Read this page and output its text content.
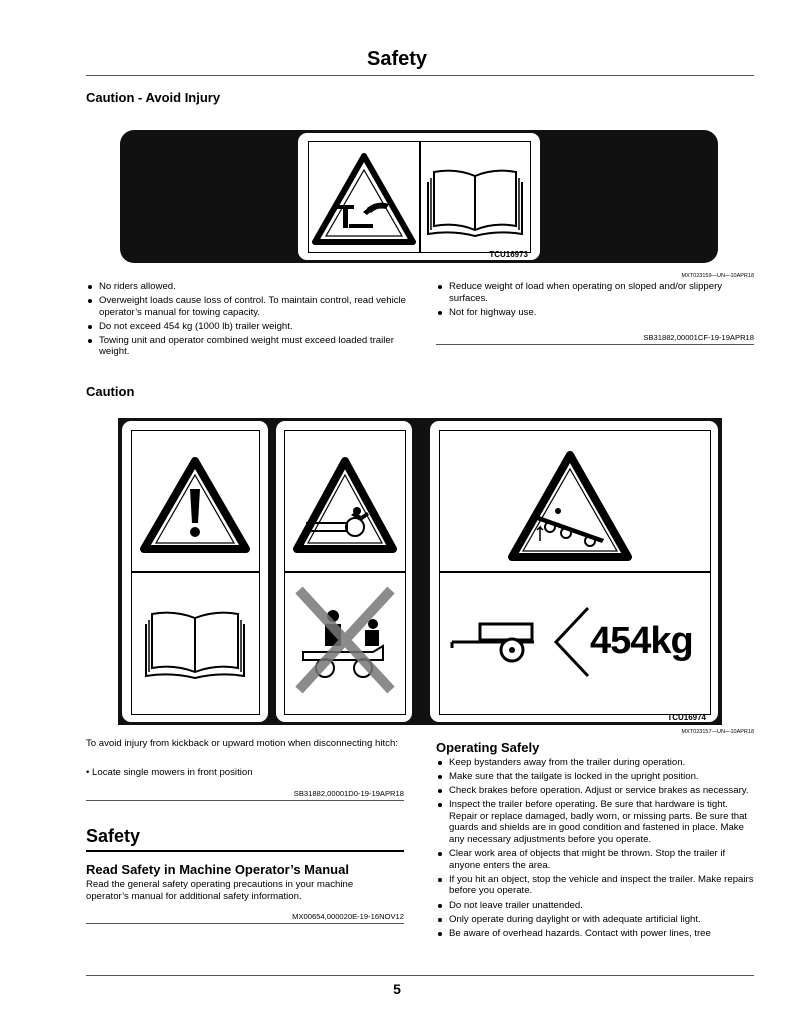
Safety
Caution - Avoid Injury
TCU16973
MXT023159—UN—10APR18
No riders allowed.
Overweight loads cause loss of control. To maintain control, read vehicle operator’s manual for towing capacity.
Do not exceed 454 kg (1000 lb) trailer weight.
Towing unit and operator combined weight must exceed loaded trailer weight.
Reduce weight of load when operating on sloped and/or slippery surfaces.
Not for highway use.
SB31882,00001CF-19-19APR18
Caution
454kg
TCU16974
MXT023157—UN—10APR18
To avoid injury from kickback or upward motion when disconnecting hitch:
• Locate single mowers in front position
SB31882,00001D0-19-19APR18
Safety
Read Safety in Machine Operator’s Manual
Read the general safety operating precautions in your machine operator’s manual for additional safety information.
MX00654,000020E-19-16NOV12
Operating Safely
Keep bystanders away from the trailer during operation.
Make sure that the tailgate is locked in the upright position.
Check brakes before operation. Adjust or service brakes as necessary.
Inspect the trailer before operating. Be sure that hardware is tight. Repair or replace damaged, badly worn, or missing parts. Be sure that guards and shields are in good condition and fastened in place. Make any necessary adjustments before you operate.
Clear work area of objects that might be thrown. Stop the trailer if anyone enters the area.
If you hit an object, stop the vehicle and inspect the trailer. Make repairs before you operate.
Do not leave trailer unattended.
Only operate during daylight or with adequate artificial light.
Be aware of overhead hazards. Contact with power lines, tree
5
